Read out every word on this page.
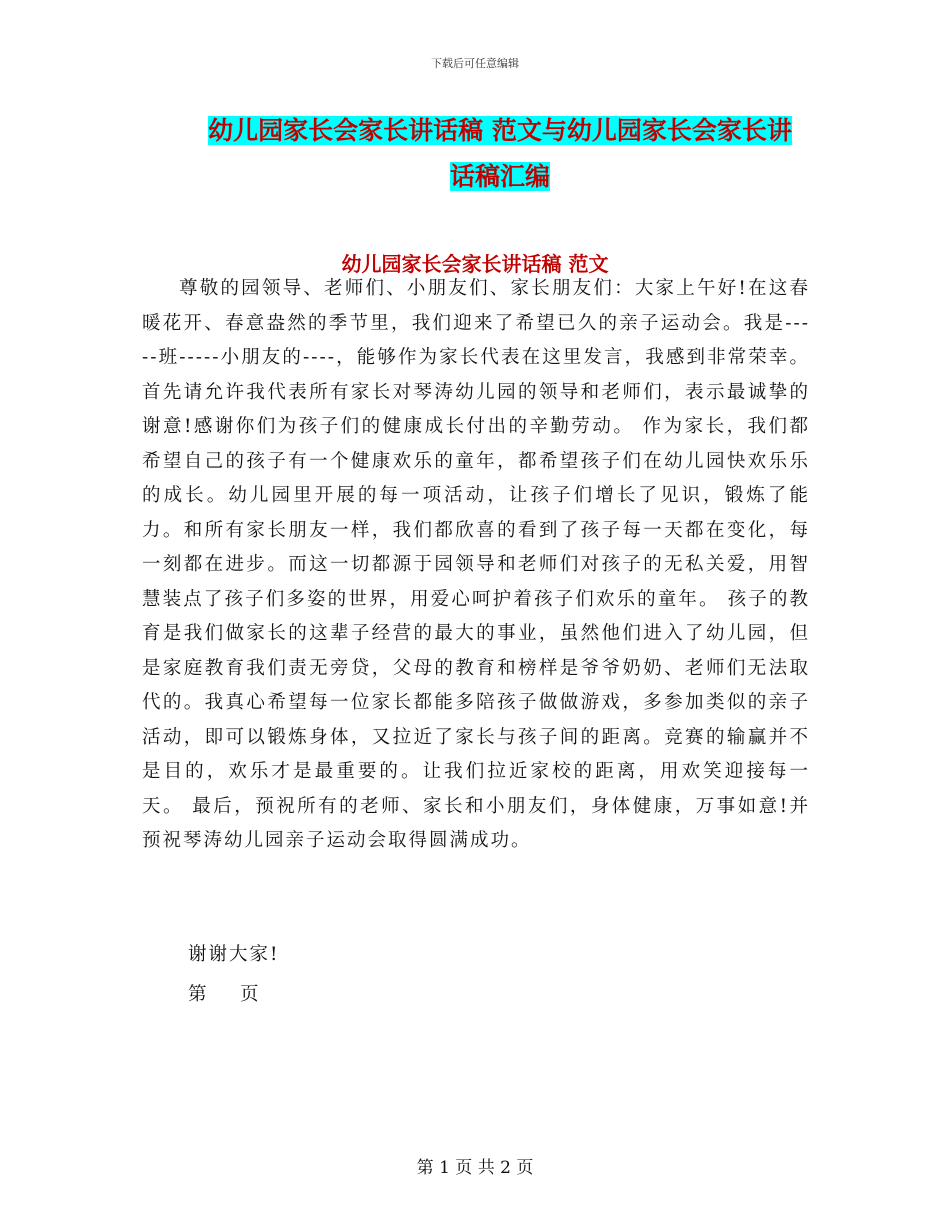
下载后可任意编辑
幼儿园家长会家长讲话稿 范文与幼儿园家长会家长讲
话稿汇编
幼儿园家长会家长讲话稿 范文

尊敬的园领导、老师们、小朋友们、家长朋友们：大家上午好!在这春暖花开、春意盎然的季节里，我们迎来了希望已久的亲子运动会。我是-----班-----小朋友的----，能够作为家长代表在这里发言，我感到非常荣幸。首先请允许我代表所有家长对琴涛幼儿园的领导和老师们，表示最诚挚的谢意!感谢你们为孩子们的健康成长付出的辛勤劳动。 作为家长，我们都希望自己的孩子有一个健康欢乐的童年，都希望孩子们在幼儿园快欢乐乐的成长。幼儿园里开展的每一项活动，让孩子们增长了见识，锻炼了能力。和所有家长朋友一样，我们都欣喜的看到了孩子每一天都在变化，每一刻都在进步。而这一切都源于园领导和老师们对孩子的无私关爱，用智慧装点了孩子们多姿的世界，用爱心呵护着孩子们欢乐的童年。 孩子的教育是我们做家长的这辈子经营的最大的事业，虽然他们进入了幼儿园，但是家庭教育我们责无旁贷，父母的教育和榜样是爷爷奶奶、老师们无法取代的。我真心希望每一位家长都能多陪孩子做做游戏，多参加类似的亲子活动，即可以锻炼身体，又拉近了家长与孩子间的距离。竞赛的输赢并不是目的，欢乐才是最重要的。让我们拉近家校的距离，用欢笑迎接每一天。 最后，预祝所有的老师、家长和小朋友们，身体健康，万事如意!并预祝琴涛幼儿园亲子运动会取得圆满成功。

谢谢大家!

第    页

第 1 页 共 2 页
